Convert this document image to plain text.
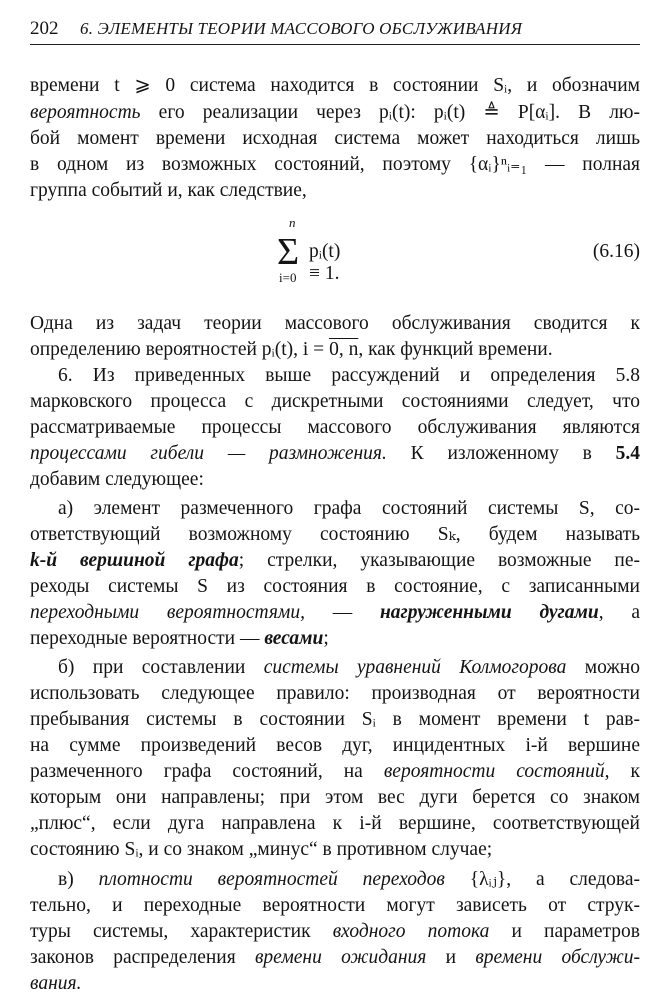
202 6. ЭЛЕМЕНТЫ ТЕОРИИ МАССОВОГО ОБСЛУЖИВАНИЯ
времени t ⩾ 0 система находится в состоянии Sᵢ, и обозначим
вероятность его реализации через pᵢ(t): pᵢ(t) ≜ P[αᵢ]. В лю-
бой момент времени исходная система может находиться лишь
в одном из возможных состояний, поэтому {αᵢ}ⁿᵢ₌₁ — полная
группа событий и, как следствие,
n
Σ
i=0
pᵢ(t) ≡ 1.
(6.16)
Одна из задач теории массового обслуживания сводится к
определению вероятностей pᵢ(t), i = 0, n, как функций времени.
6. Из приведенных выше рассуждений и определения 5.8
марковского процесса с дискретными состояниями следует, что
рассматриваемые процессы массового обслуживания являются
процессами гибели — размножения. К изложенному в 5.4
добавим следующее:
а) элемент размеченного графа состояний системы S, со-
ответствующий возможному состоянию Sₖ, будем называть
k-й вершиной графа; стрелки, указывающие возможные пе-
реходы системы S из состояния в состояние, с записанными
переходными вероятностями, — нагруженными дугами, а
переходные вероятности — весами;
б) при составлении системы уравнений Колмогорова можно
использовать следующее правило: производная от вероятности
пребывания системы в состоянии Sᵢ в момент времени t рав-
на сумме произведений весов дуг, инцидентных i-й вершине
размеченного графа состояний, на вероятности состояний, к
которым они направлены; при этом вес дуги берется со знаком
„плюс“, если дуга направлена к i-й вершине, соответствующей
состоянию Sᵢ, и со знаком „минус“ в противном случае;
в) плотности вероятностей переходов {λᵢⱼ}, а следова-
тельно, и переходные вероятности могут зависеть от струк-
туры системы, характеристик входного потока и параметров
законов распределения времени ожидания и времени обслужи-
вания.
